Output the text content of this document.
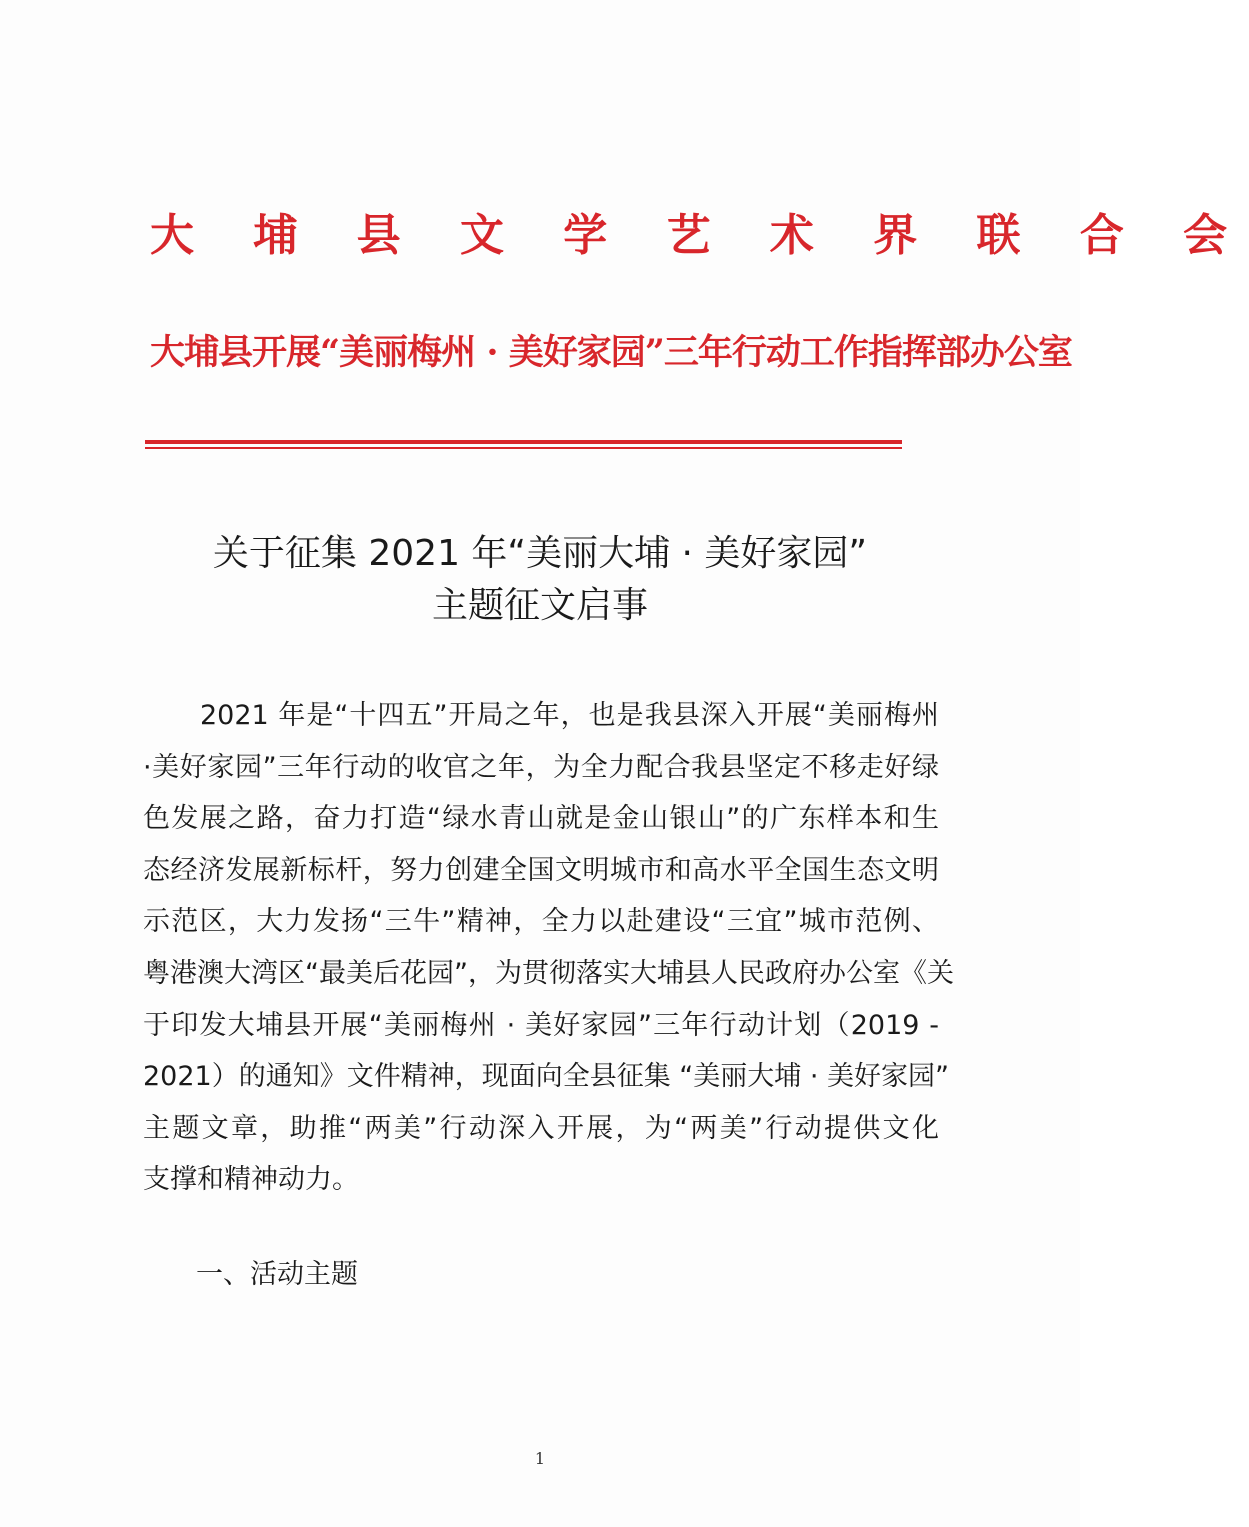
大 埔 县 文 学 艺 术 界 联 合 会
大埔县开展“美丽梅州 · 美好家园”三年行动工作指挥部办公室
关于征集 2021 年“美丽大埔 · 美好家园”
主题征文启事
2021 年是“十四五”开局之年，也是我县深入开展“美丽梅州
·美好家园”三年行动的收官之年，为全力配合我县坚定不移走好绿
色发展之路，奋力打造“绿水青山就是金山银山”的广东样本和生
态经济发展新标杆，努力创建全国文明城市和高水平全国生态文明
示范区，大力发扬“三牛”精神，全力以赴建设“三宜”城市范例、
粤港澳大湾区“最美后花园”，为贯彻落实大埔县人民政府办公室《关
于印发大埔县开展“美丽梅州 · 美好家园”三年行动计划（2019 -
2021）的通知》文件精神，现面向全县征集 “美丽大埔 · 美好家园”
主题文章，助推“两美”行动深入开展，为“两美”行动提供文化
支撑和精神动力。
一、活动主题
1
